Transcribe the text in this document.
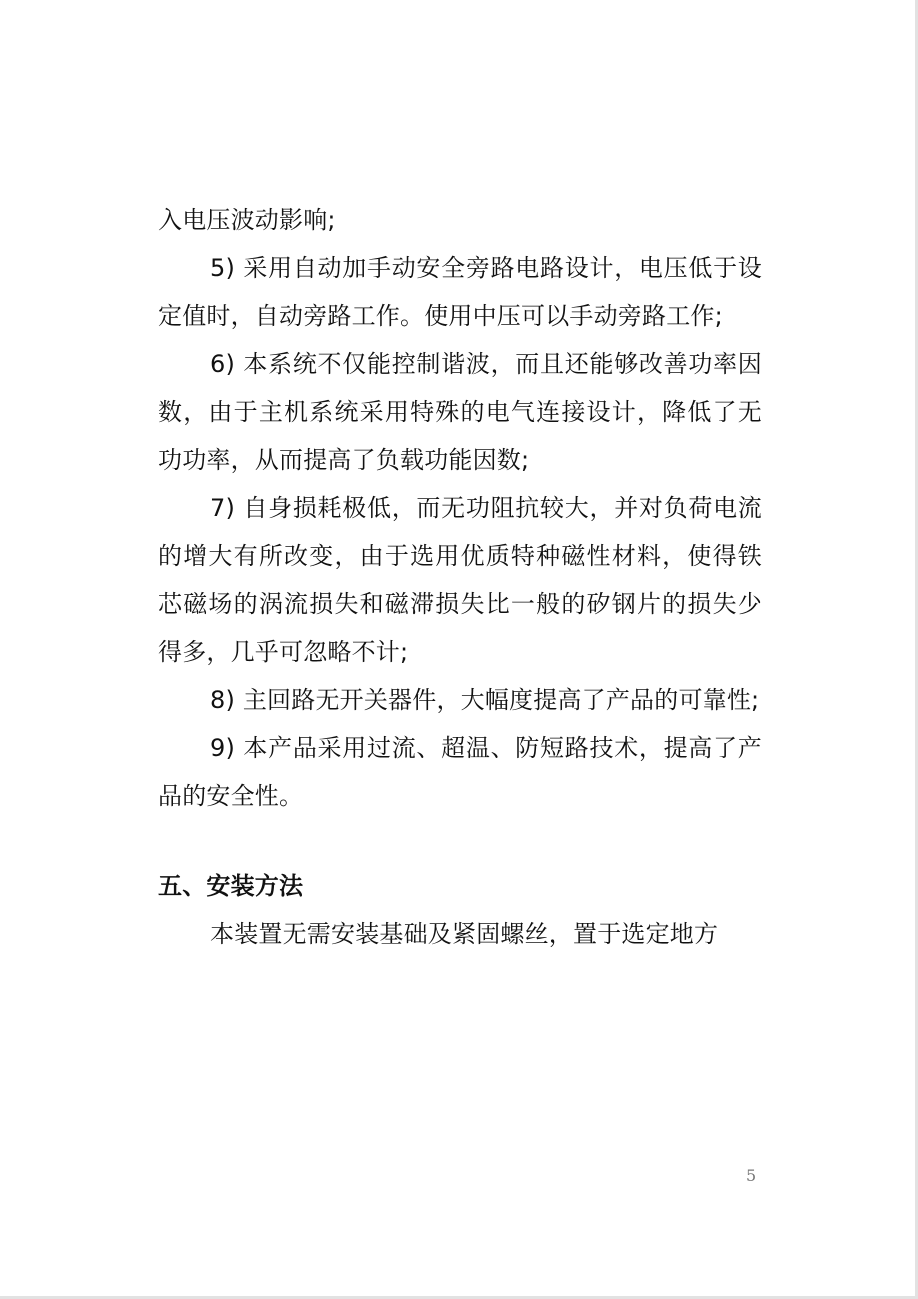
入电压波动影响;

5) 采用自动加手动安全旁路电路设计，电压低于设定值时，自动旁路工作。使用中压可以手动旁路工作;

6) 本系统不仅能控制谐波，而且还能够改善功率因数，由于主机系统采用特殊的电气连接设计，降低了无功功率，从而提高了负载功能因数;

7) 自身损耗极低，而无功阻抗较大，并对负荷电流的增大有所改变，由于选用优质特种磁性材料，使得铁芯磁场的涡流损失和磁滞损失比一般的矽钢片的损失少得多，几乎可忽略不计;

8) 主回路无开关器件，大幅度提高了产品的可靠性;

9) 本产品采用过流、超温、防短路技术，提高了产品的安全性。

五、安装方法

本装置无需安装基础及紧固螺丝，置于选定地方

5
